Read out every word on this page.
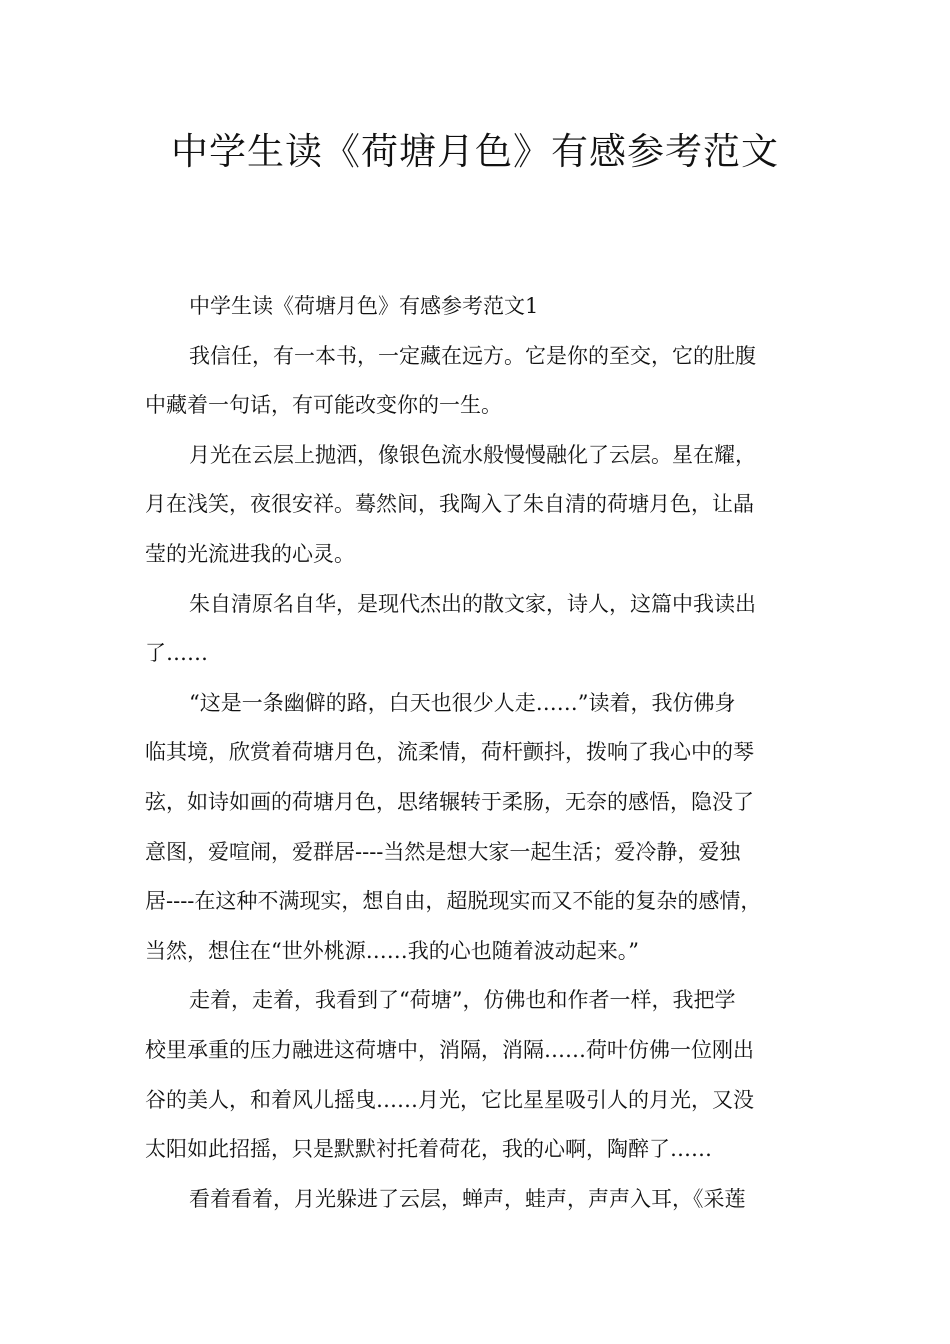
中学生读《荷塘月色》有感参考范文
中学生读《荷塘月色》有感参考范文1
我信任，有一本书，一定藏在远方。它是你的至交，它的肚腹
中藏着一句话，有可能改变你的一生。
月光在云层上抛洒，像银色流水般慢慢融化了云层。星在耀，
月在浅笑，夜很安祥。蓦然间，我陶入了朱自清的荷塘月色，让晶
莹的光流进我的心灵。
朱自清原名自华，是现代杰出的散文家，诗人，这篇中我读出
了……
“这是一条幽僻的路，白天也很少人走……”读着，我仿佛身
临其境，欣赏着荷塘月色，流柔情，荷杆颤抖，拨响了我心中的琴
弦，如诗如画的荷塘月色，思绪辗转于柔肠，无奈的感悟，隐没了
意图，爱喧闹，爱群居----当然是想大家一起生活；爱冷静，爱独
居----在这种不满现实，想自由，超脱现实而又不能的复杂的感情，
当然，想住在“世外桃源……我的心也随着波动起来。”
走着，走着，我看到了“荷塘”，仿佛也和作者一样，我把学
校里承重的压力融进这荷塘中，消隔，消隔……荷叶仿佛一位刚出
谷的美人，和着风儿摇曳……月光，它比星星吸引人的月光，又没
太阳如此招摇，只是默默衬托着荷花，我的心啊，陶醉了……
看着看着，月光躲进了云层，蝉声，蛙声，声声入耳，《采莲
